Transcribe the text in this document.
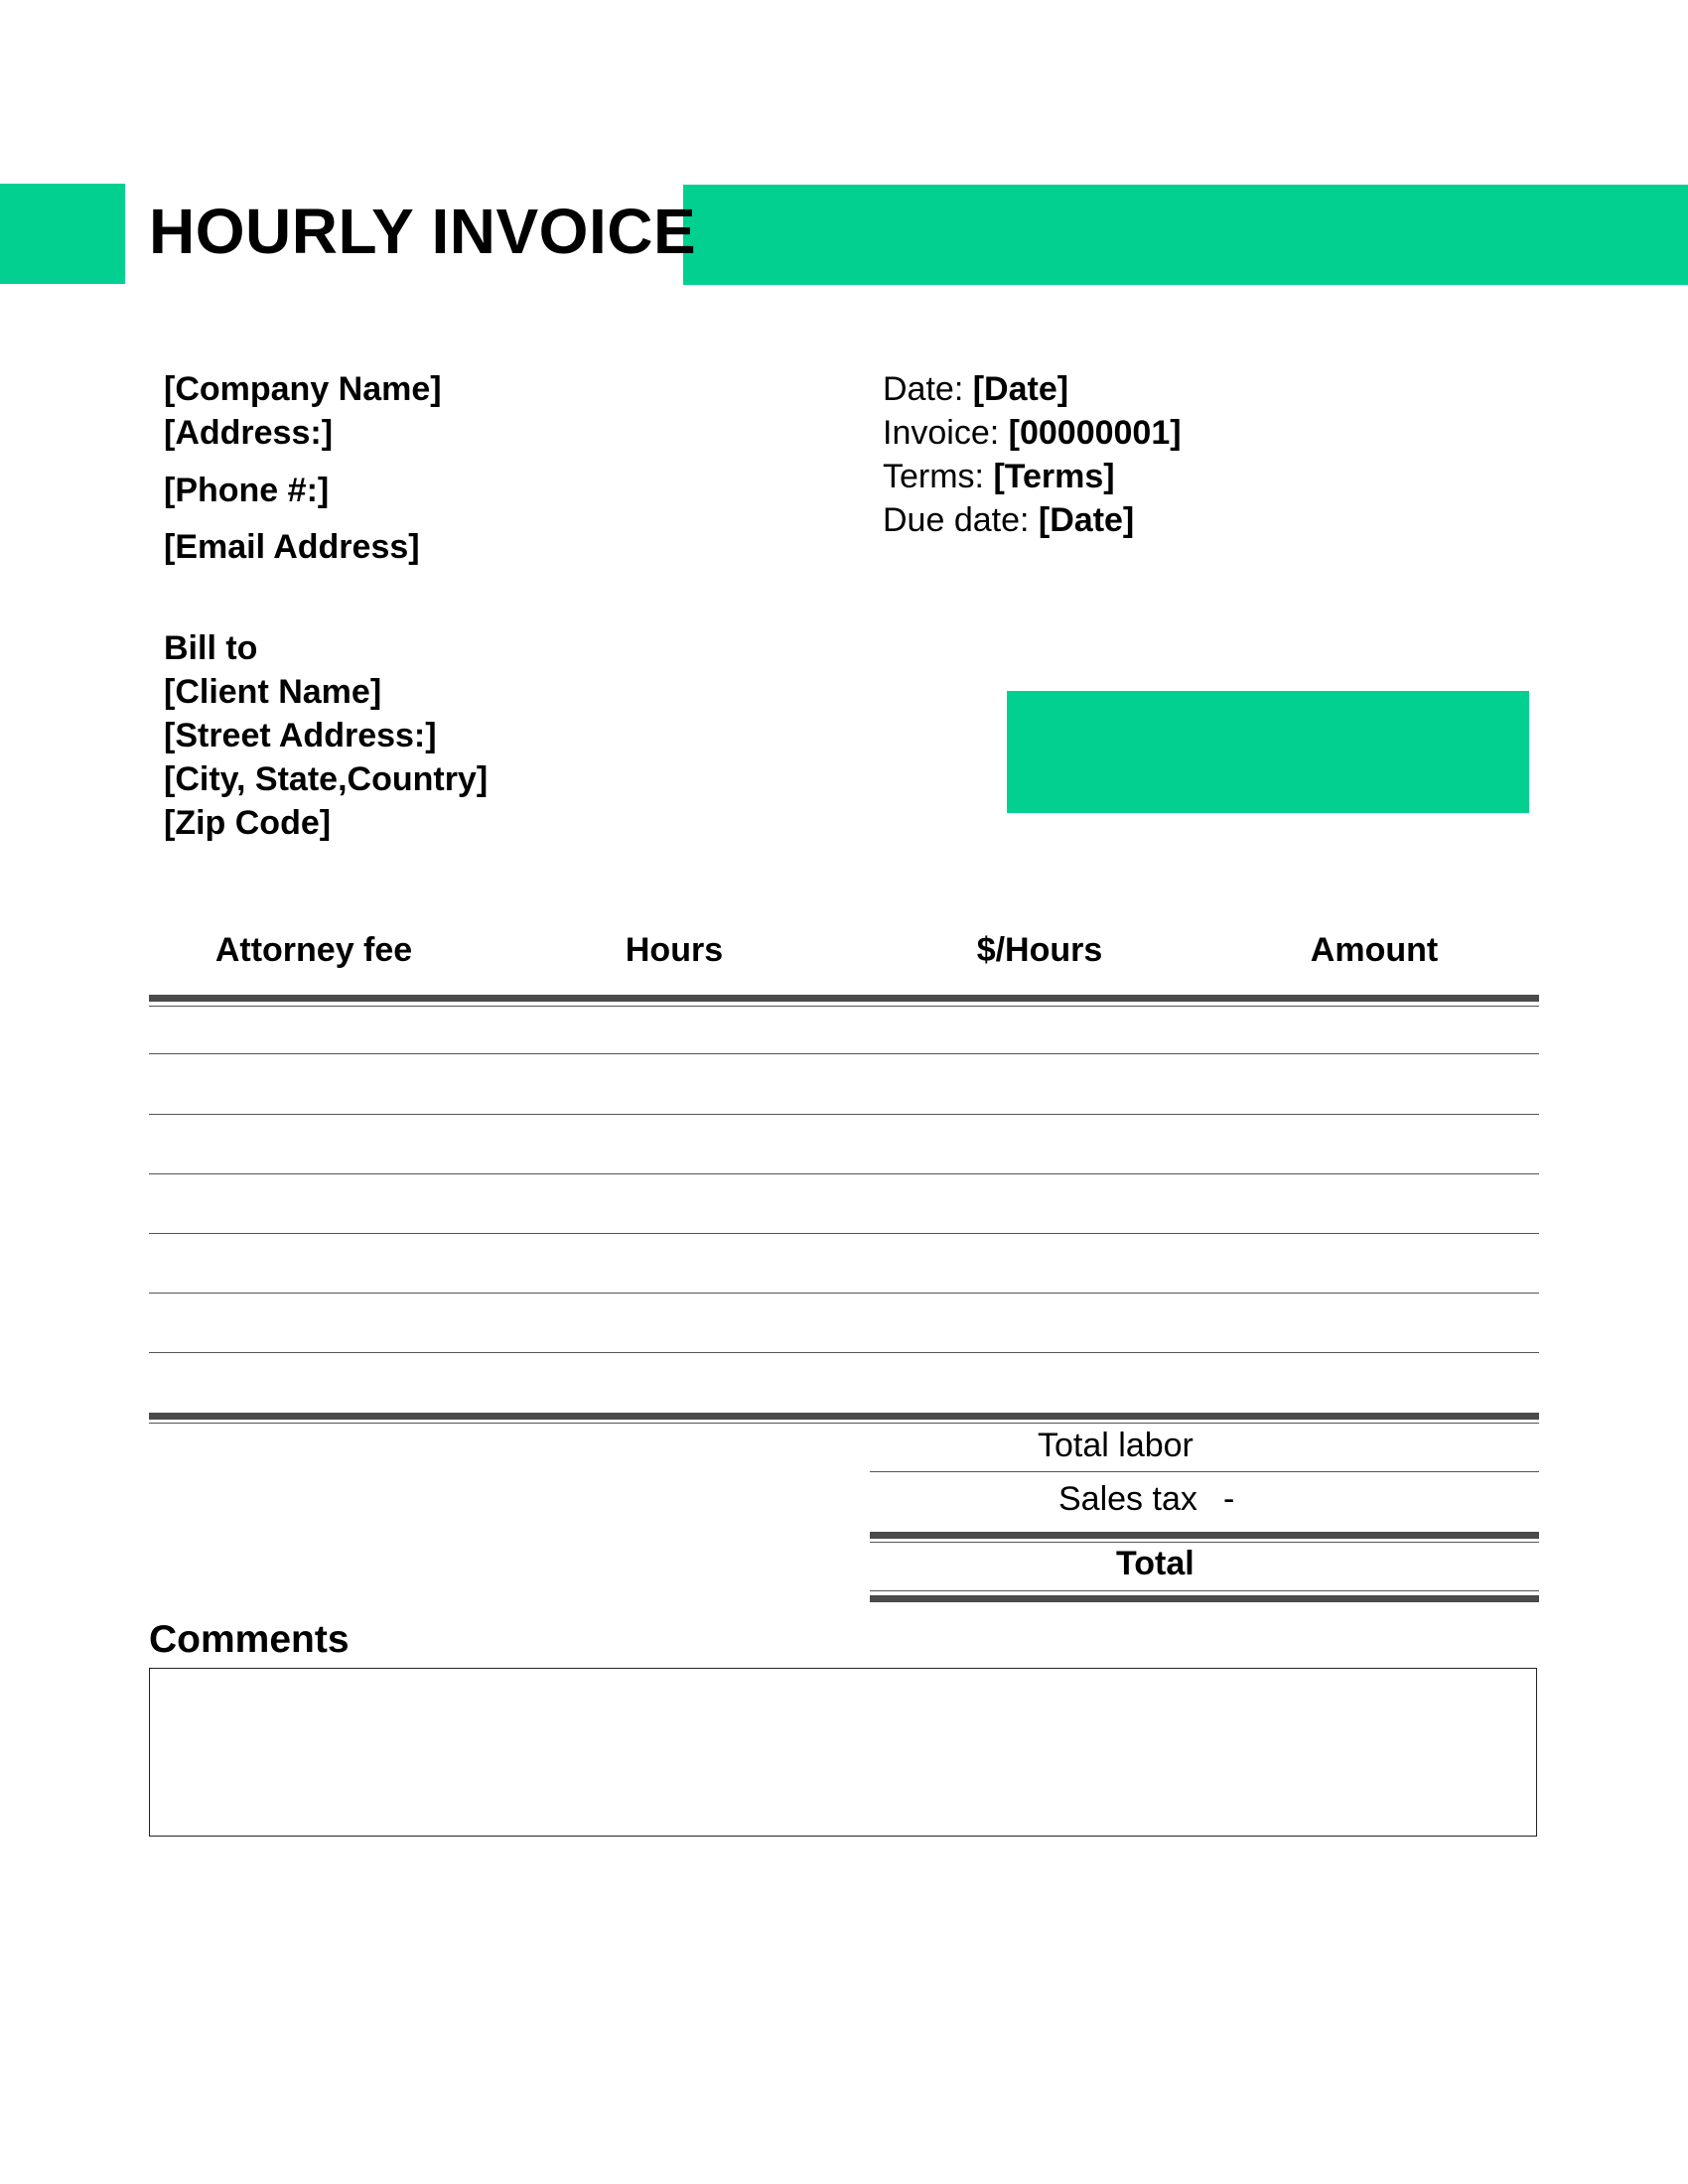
HOURLY INVOICE
[Company Name]
[Address:]
[Phone #:]
[Email Address]
Date: [Date]
Invoice: [00000001]
Terms: [Terms]
Due date: [Date]
Bill to
[Client Name]
[Street Address:]
[City, State,Country]
[Zip Code]
Attorney fee	Hours	$/Hours	Amount
Total labor
Sales tax -
Total
Comments
